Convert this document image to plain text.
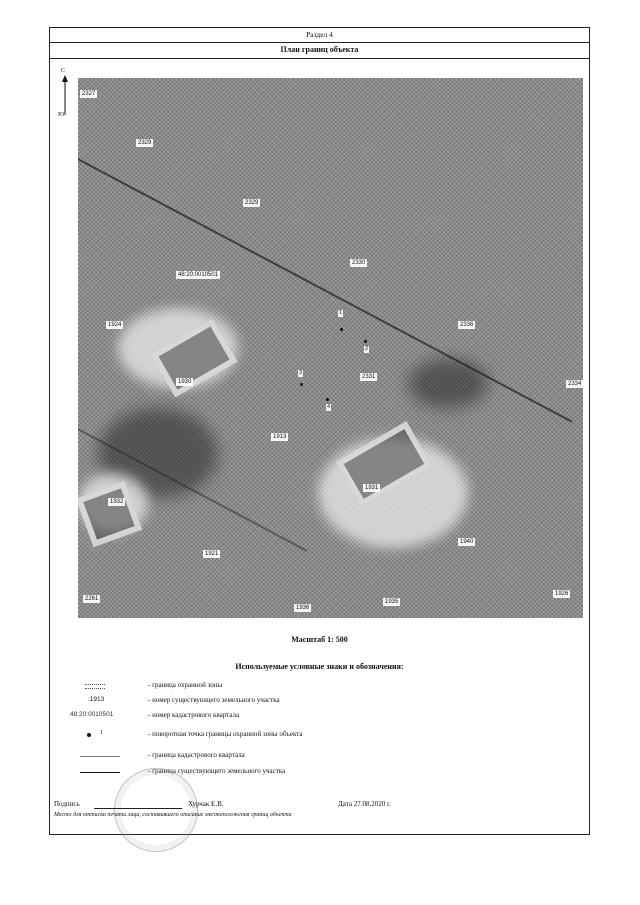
Раздел 4
План границ объекта
С
Ю
2327
2329
2329
2330
48:20:0010501
1924	2336
1930
2331
2334
1913
1931
1932
1940
1921
2261
1936
1935
1926
1
2
3
4
Масштаб 1: 500
Используемые условные знаки и обозначения:
- граница охранной зоны
:1913	- номер существующего земельного участка
48:20:0010501	- номер кадастрового квартала
1	- поворотная точка границы охранной зоны объекта
- граница кадастрового квартала
- граница существующего земельного участка
Подпись	Хурчак Е.В.	Дата 27.08.2020 г.
Место для оттиска печати лица, составившего описание местоположения границ объекта
